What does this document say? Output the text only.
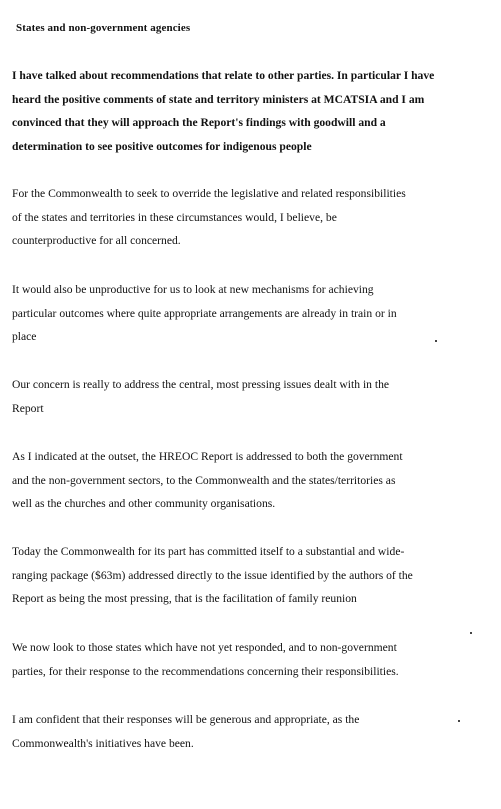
States and non-government agencies

I have talked about recommendations that relate to other parties. In particular I have
heard the positive comments of state and territory ministers at MCATSIA and I am
convinced that they will approach the Report's findings with goodwill and a
determination to see positive outcomes for indigenous people

For the Commonwealth to seek to override the legislative and related responsibilities
of the states and territories in these circumstances would, I believe, be
counterproductive for all concerned.

It would also be unproductive for us to look at new mechanisms for achieving
particular outcomes where quite appropriate arrangements are already in train or in
place

Our concern is really to address the central, most pressing issues dealt with in the
Report

As I indicated at the outset, the HREOC Report is addressed to both the government
and the non-government sectors, to the Commonwealth and the states/territories as
well as the churches and other community organisations.

Today the Commonwealth for its part has committed itself to a substantial and wide-
ranging package ($63m) addressed directly to the issue identified by the authors of the
Report as being the most pressing, that is the facilitation of family reunion

We now look to those states which have not yet responded, and to non-government
parties, for their response to the recommendations concerning their responsibilities.

I am confident that their responses will be generous and appropriate, as the
Commonwealth's initiatives have been.
